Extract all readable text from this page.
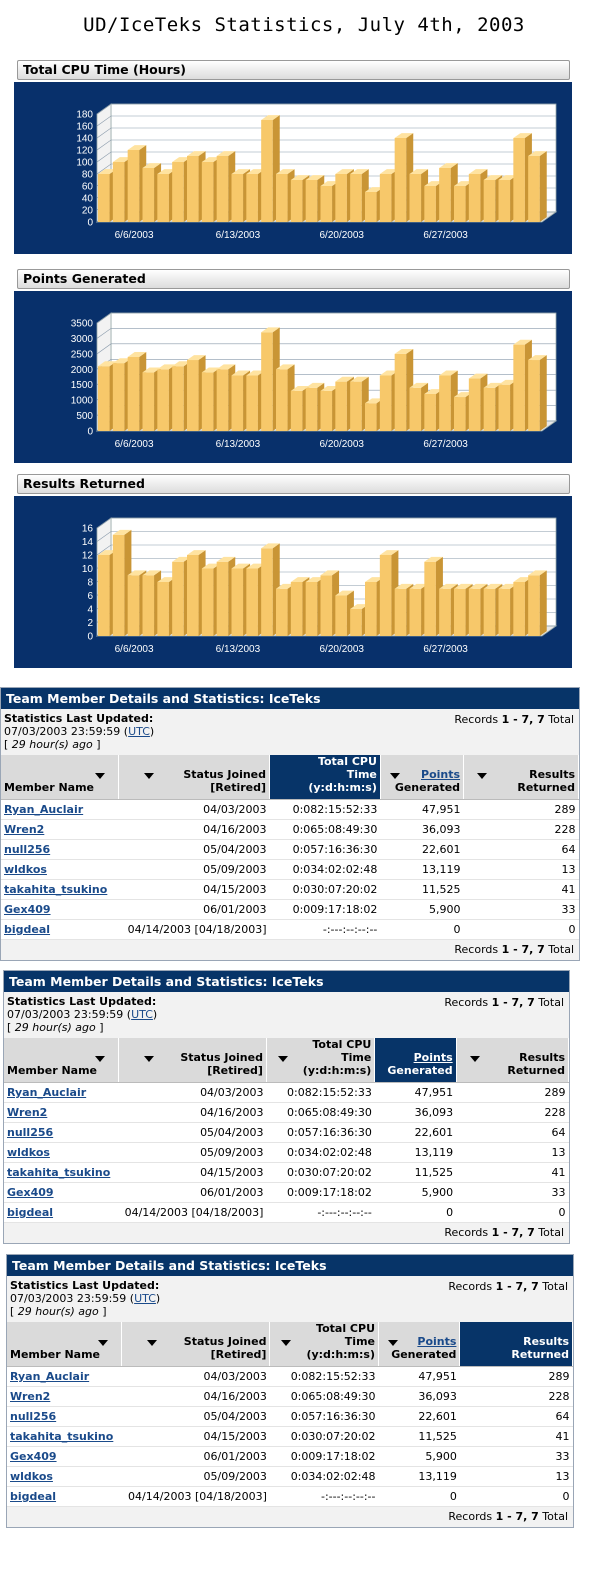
UD/IceTeks Statistics, July 4th, 2003
Total CPU Time (Hours)
0
20
40
60
80
100
120
140
160
180
6/6/2003	6/13/2003	6/20/2003	6/27/2003
Points Generated
0
500
1000
1500
2000
2500
3000
3500
6/6/2003	6/13/2003	6/20/2003	6/27/2003
Results Returned
0
2
4
6
8
10
12
14
16
6/6/2003	6/13/2003	6/20/2003	6/27/2003
Team Member Details and Statistics: IceTeks
Statistics Last Updated:
07/03/2003 23:59:59 (UTC)
[ 29 hour(s) ago ]
Records 1 - 7, 7 Total
Member Name	Status Joined [Retired]	Total CPU Time (y:d:h:m:s)	Points
Generated	Results Returned

Ryan_Auclair	04/03/2003	0:082:15:52:33	47,951	289
Wren2	04/16/2003	0:065:08:49:30	36,093	228
null256	05/04/2003	0:057:16:36:30	22,601	64
wldkos	05/09/2003	0:034:02:02:48	13,119	13
takahita_tsukino	04/15/2003	0:030:07:20:02	11,525	41
Gex409	06/01/2003	0:009:17:18:02	5,900	33
bigdeal	04/14/2003 [04/18/2003]	-:---:--:--:--	0	0
Records 1 - 7, 7 Total
Team Member Details and Statistics: IceTeks
Statistics Last Updated:
07/03/2003 23:59:59 (UTC)
[ 29 hour(s) ago ]
Records 1 - 7, 7 Total
Member Name	Status Joined [Retired]	Total CPU Time (y:d:h:m:s)	Points
Generated	Results Returned

Ryan_Auclair	04/03/2003	0:082:15:52:33	47,951	289
Wren2	04/16/2003	0:065:08:49:30	36,093	228
null256	05/04/2003	0:057:16:36:30	22,601	64
wldkos	05/09/2003	0:034:02:02:48	13,119	13
takahita_tsukino	04/15/2003	0:030:07:20:02	11,525	41
Gex409	06/01/2003	0:009:17:18:02	5,900	33
bigdeal	04/14/2003 [04/18/2003]	-:---:--:--:--	0	0
Records 1 - 7, 7 Total
Team Member Details and Statistics: IceTeks
Statistics Last Updated:
07/03/2003 23:59:59 (UTC)
[ 29 hour(s) ago ]
Records 1 - 7, 7 Total
Member Name	Status Joined [Retired]	Total CPU Time (y:d:h:m:s)	Points
Generated	Results Returned

Ryan_Auclair	04/03/2003	0:082:15:52:33	47,951	289
Wren2	04/16/2003	0:065:08:49:30	36,093	228
null256	05/04/2003	0:057:16:36:30	22,601	64
takahita_tsukino	04/15/2003	0:030:07:20:02	11,525	41
Gex409	06/01/2003	0:009:17:18:02	5,900	33
wldkos	05/09/2003	0:034:02:02:48	13,119	13
bigdeal	04/14/2003 [04/18/2003]	-:---:--:--:--	0	0
Records 1 - 7, 7 Total
